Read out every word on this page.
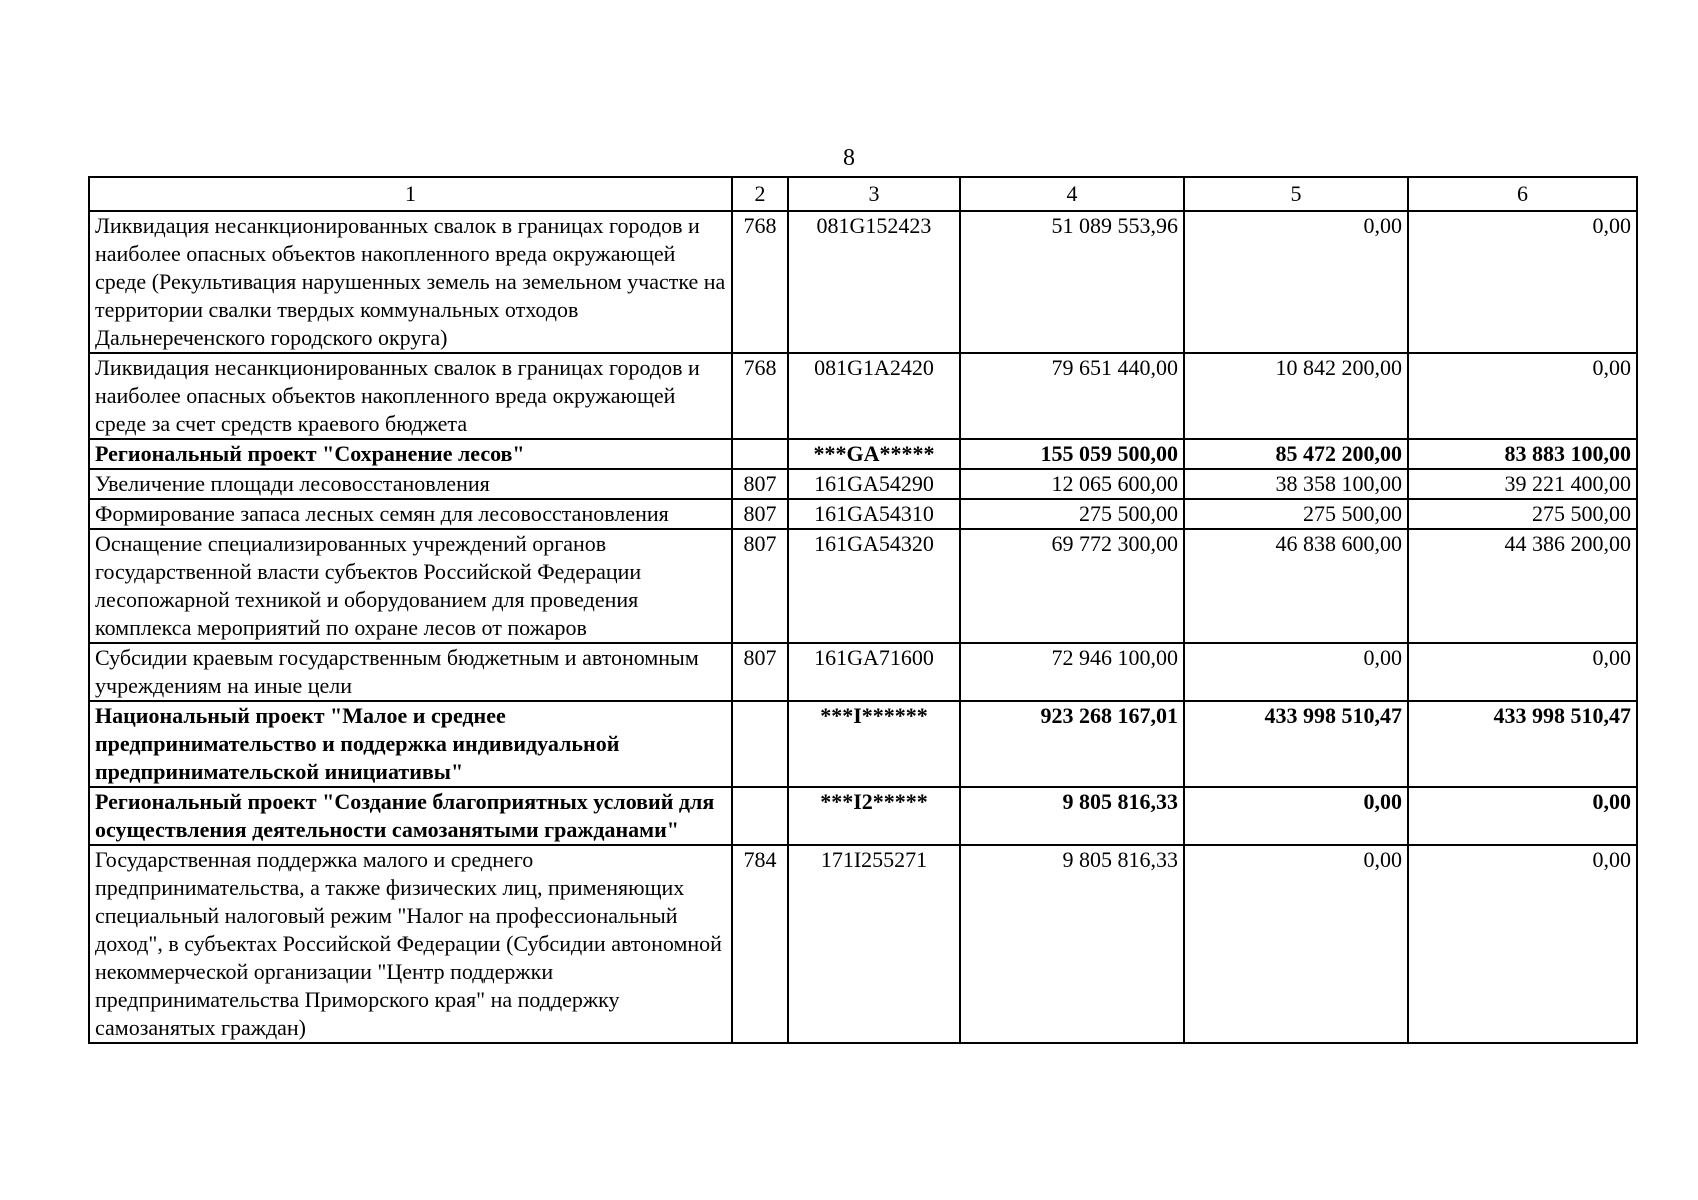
8
1	2	3	4	5	6
Ликвидация несанкционированных свалок в границах городов и наиболее опасных объектов накопленного вреда окружающей среде (Рекультивация нарушенных земель на земельном участке на территории свалки твердых коммунальных отходов Дальнереченского городского округа)	768	081G152423	51 089 553,96	0,00	0,00
Ликвидация несанкционированных свалок в границах городов и наиболее опасных объектов накопленного вреда окружающей среде за счет средств краевого бюджета	768	081G1A2420	79 651 440,00	10 842 200,00	0,00
Региональный проект "Сохранение лесов"		***GA*****	155 059 500,00	85 472 200,00	83 883 100,00
Увеличение площади лесовосстановления	807	161GA54290	12 065 600,00	38 358 100,00	39 221 400,00
Формирование запаса лесных семян для лесовосстановления	807	161GA54310	275 500,00	275 500,00	275 500,00
Оснащение специализированных учреждений органов государственной власти субъектов Российской Федерации лесопожарной техникой и оборудованием для проведения комплекса мероприятий по охране лесов от пожаров	807	161GA54320	69 772 300,00	46 838 600,00	44 386 200,00
Субсидии краевым государственным бюджетным и автономным учреждениям на иные цели	807	161GA71600	72 946 100,00	0,00	0,00
Национальный проект "Малое и среднее предпринимательство и поддержка индивидуальной предпринимательской инициативы"		***I******	923 268 167,01	433 998 510,47	433 998 510,47
Региональный проект "Создание благоприятных условий для осуществления деятельности самозанятыми гражданами"		***I2*****	9 805 816,33	0,00	0,00
Государственная поддержка малого и среднего предпринимательства, а также физических лиц, применяющих специальный налоговый режим "Налог на профессиональный доход", в субъектах Российской Федерации (Субсидии автономной некоммерческой организации "Центр поддержки предпринимательства Приморского края" на поддержку самозанятых граждан)	784	171I255271	9 805 816,33	0,00	0,00
